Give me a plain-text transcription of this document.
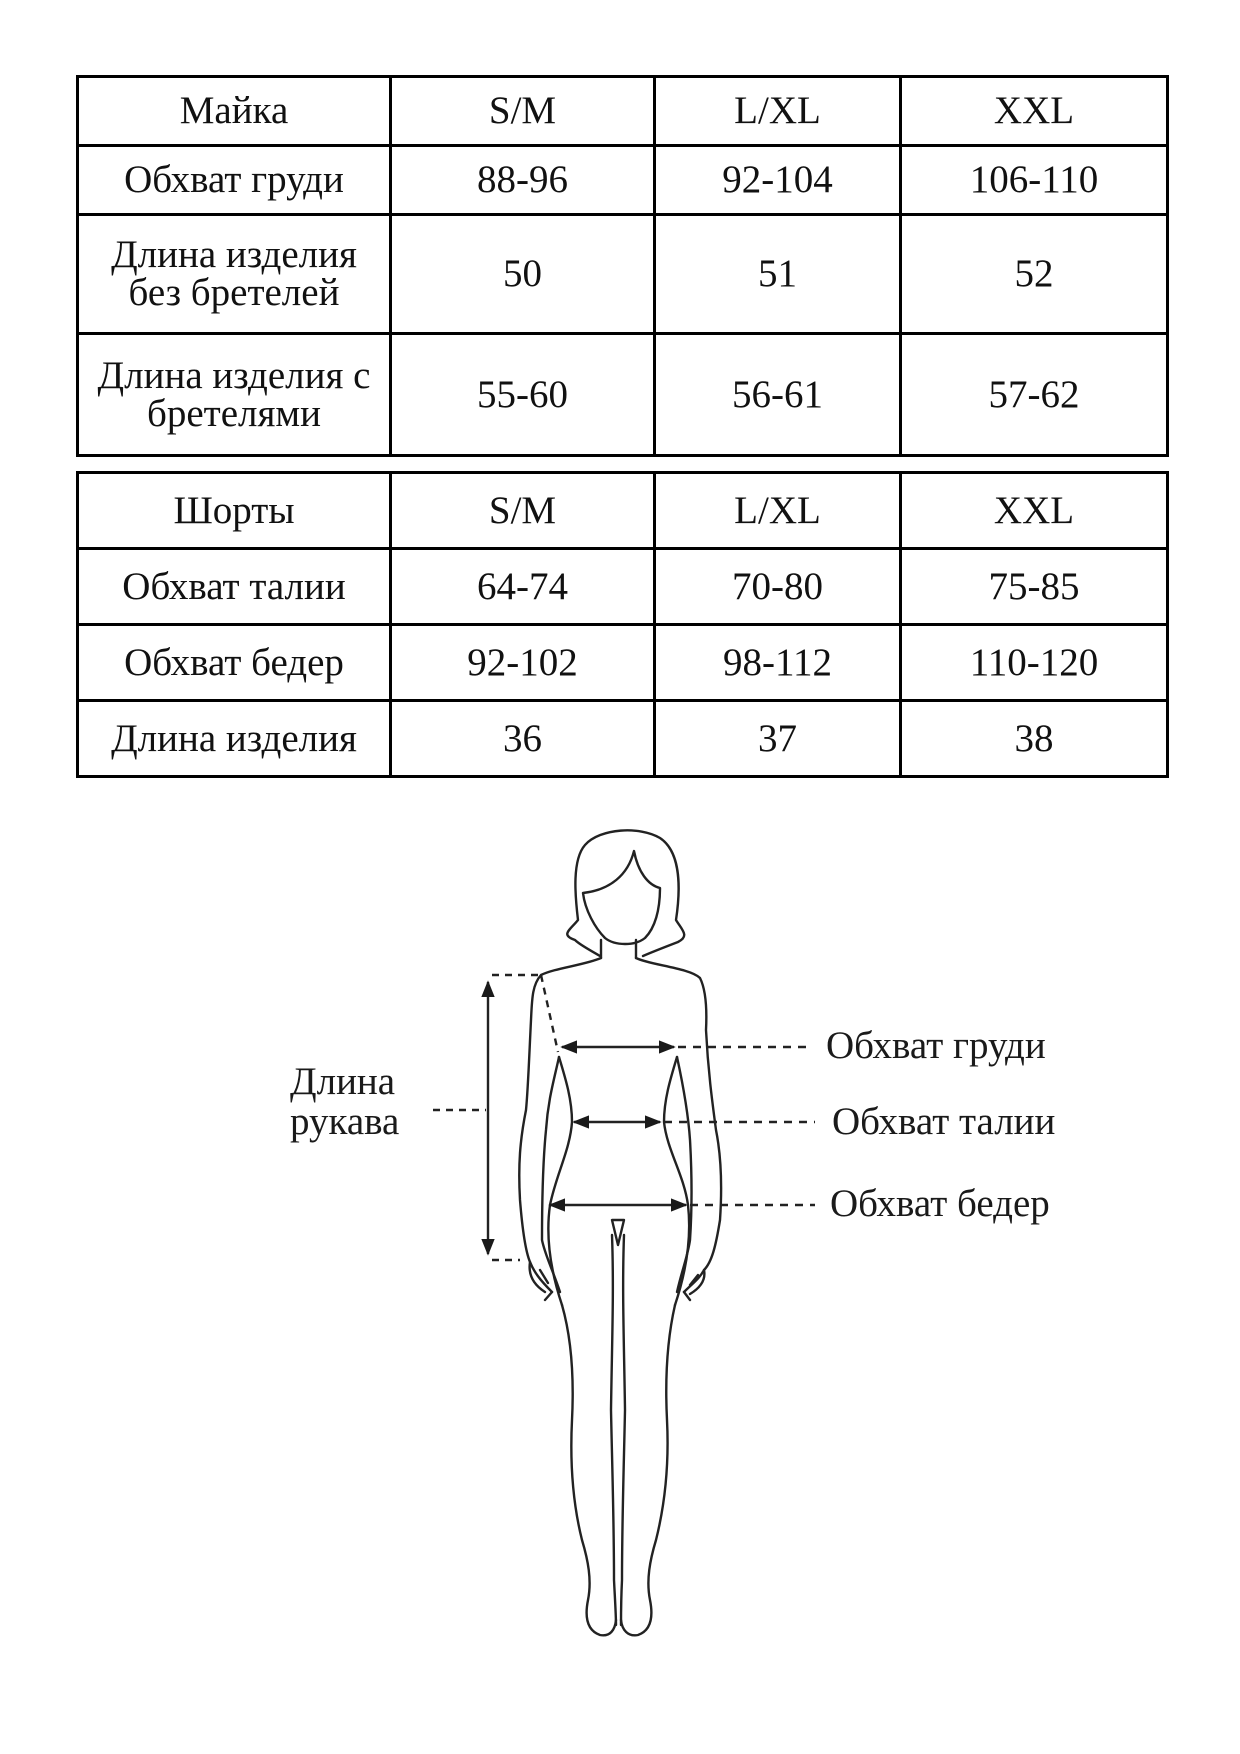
Майка	S/M	L/XL	XXL
Обхват груди	88-96	92-104	106-110

Длина изделия
без бретелей	50	51	52

Длина изделия с
бретелями	55-60	56-61	57-62
Шорты	S/M	L/XL	XXL
Обхват талии	64-74	70-80	75-85
Обхват бедер	92-102	98-112	110-120
Длина изделия	36	37	38
Длина
рукава
Обхват груди
Обхват талии
Обхват бедер
